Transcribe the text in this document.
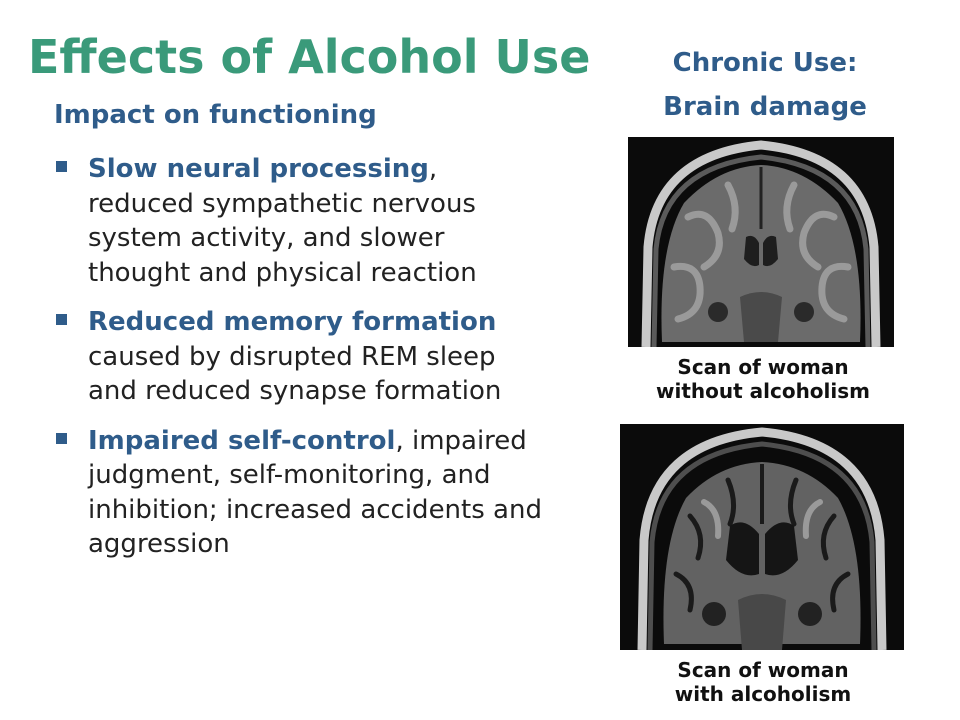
Effects of Alcohol Use
Impact on functioning
Slow neural processing, reduced sympathetic nervous system activity, and slower thought and physical reaction
Reduced memory formation caused by disrupted REM sleep and reduced synapse formation
Impaired self-control, impaired judgment, self-monitoring, and inhibition; increased accidents and aggression
Chronic Use:
Brain damage
Scan of woman
without alcoholism
Scan of woman
with alcoholism
